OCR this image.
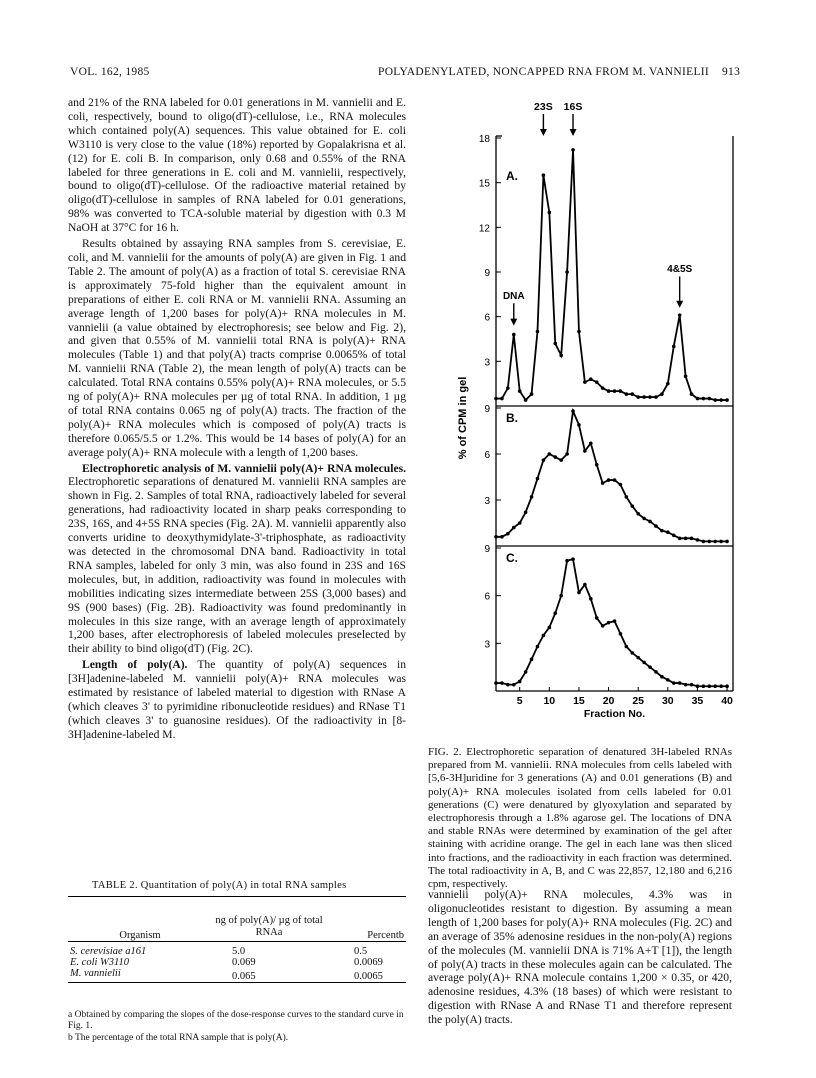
VOL. 162, 1985	POLYADENYLATED, NONCAPPED RNA FROM M. VANNIELII 913

and 21% of the RNA labeled for 0.01 generations in M. vannielii and E. coli, respectively, bound to oligo(dT)-cellulose, i.e., RNA molecules which contained poly(A) sequences. This value obtained for E. coli W3110 is very close to the value (18%) reported by Gopalakrisna et al. (12) for E. coli B. In comparison, only 0.68 and 0.55% of the RNA labeled for three generations in E. coli and M. vannielii, respectively, bound to oligo(dT)-cellulose. Of the radioactive material retained by oligo(dT)-cellulose in samples of RNA labeled for 0.01 generations, 98% was converted to TCA-soluble material by digestion with 0.3 M NaOH at 37°C for 16 h.

Results obtained by assaying RNA samples from S. cerevisiae, E. coli, and M. vannielii for the amounts of poly(A) are given in Fig. 1 and Table 2. The amount of poly(A) as a fraction of total S. cerevisiae RNA is approximately 75-fold higher than the equivalent amount in preparations of either E. coli RNA or M. vannielii RNA. Assuming an average length of 1,200 bases for poly(A)+ RNA molecules in M. vannielii (a value obtained by electrophoresis; see below and Fig. 2), and given that 0.55% of M. vannielii total RNA is poly(A)+ RNA molecules (Table 1) and that poly(A) tracts comprise 0.0065% of total M. vannielii RNA (Table 2), the mean length of poly(A) tracts can be calculated. Total RNA contains 0.55% poly(A)+ RNA molecules, or 5.5 ng of poly(A)+ RNA molecules per µg of total RNA. In addition, 1 µg of total RNA contains 0.065 ng of poly(A) tracts. The fraction of the poly(A)+ RNA molecules which is composed of poly(A) tracts is therefore 0.065/5.5 or 1.2%. This would be 14 bases of poly(A) for an average poly(A)+ RNA molecule with a length of 1,200 bases.

Electrophoretic analysis of M. vannielii poly(A)+ RNA molecules. Electrophoretic separations of denatured M. vannielii RNA samples are shown in Fig. 2. Samples of total RNA, radioactively labeled for several generations, had radioactivity located in sharp peaks corresponding to 23S, 16S, and 4+5S RNA species (Fig. 2A). M. vannielii apparently also converts uridine to deoxythymidylate-3'-triphosphate, as radioactivity was detected in the chromosomal DNA band. Radioactivity in total RNA samples, labeled for only 3 min, was also found in 23S and 16S molecules, but, in addition, radioactivity was found in molecules with mobilities indicating sizes intermediate between 25S (3,000 bases) and 9S (900 bases) (Fig. 2B). Radioactivity was found predominantly in molecules in this size range, with an average length of approximately 1,200 bases, after electrophoresis of labeled molecules preselected by their ability to bind oligo(dT) (Fig. 2C).

Length of poly(A). The quantity of poly(A) sequences in [3H]adenine-labeled M. vannielii poly(A)+ RNA molecules was estimated by resistance of labeled material to digestion with RNase A (which cleaves 3' to pyrimidine ribonucleotide residues) and RNase T1 (which cleaves 3' to guanosine residues). Of the radioactivity in [8-3H]adenine-labeled M.

TABLE 2. Quantitation of poly(A) in total RNA samples
Organism	ng of poly(A)/ µg of total RNAa	Percentb
S. cerevisiae a161	5.0	0.5
E. coli W3110	0.069	0.0069
M. vannielii	0.065	0.0065
a Obtained by comparing the slopes of the dose-response curves to the standard curve in Fig. 1.
b The percentage of the total RNA sample that is poly(A).
3
6
9
12
15
18
A.
3
6
9
B.
3
6
9
C.
23S 16S
DNA
4&5S
5 10 15 20 25 30 35 40
Fraction No.
% of CPM in gel
FIG. 2. Electrophoretic separation of denatured 3H-labeled RNAs prepared from M. vannielii. RNA molecules from cells labeled with [5,6-3H]uridine for 3 generations (A) and 0.01 generations (B) and poly(A)+ RNA molecules isolated from cells labeled for 0.01 generations (C) were denatured by glyoxylation and separated by electrophoresis through a 1.8% agarose gel. The locations of DNA and stable RNAs were determined by examination of the gel after staining with acridine orange. The gel in each lane was then sliced into fractions, and the radioactivity in each fraction was determined. The total radioactivity in A, B, and C was 22,857, 12,180 and 6,216 cpm, respectively.
vannielii poly(A)+ RNA molecules, 4.3% was in oligonucleotides resistant to digestion. By assuming a mean length of 1,200 bases for poly(A)+ RNA molecules (Fig. 2C) and an average of 35% adenosine residues in the non-poly(A) regions of the molecules (M. vannielii DNA is 71% A+T [1]), the length of poly(A) tracts in these molecules again can be calculated. The average poly(A)+ RNA molecule contains 1,200 × 0.35, or 420, adenosine residues, 4.3% (18 bases) of which were resistant to digestion with RNase A and RNase T1 and therefore represent the poly(A) tracts.
